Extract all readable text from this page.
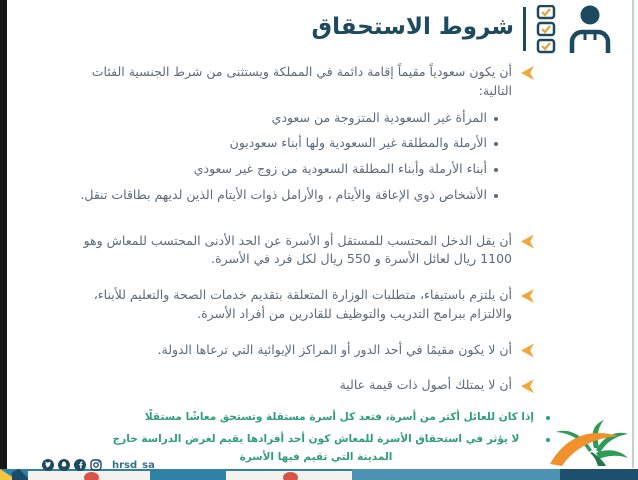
شروط الاستحقاق
أن يكون سعودياً مقيماً إقامة دائمة في المملكة ويستثنى من شرط الجنسية الفئات التالية:
المرأة غير السعودية المتزوجة من سعودي
الأرملة والمطلقة غير السعودية ولها أبناء سعوديون
أبناء الأرملة وأبناء المطلقة السعودية من زوج غير سعودي
الأشخاص ذوي الإعاقة والأيتام ، والأرامل ذوات الأيتام الذين لديهم بطاقات تنقل.
أن يقل الدخل المحتسب للمستقل أو الأسرة عن الحد الأدنى المحتسب للمعاش وهو 1100 ريال لعائل الأسرة و 550 ريال لكل فرد في الأسرة.
أن يلتزم باستيفاء، متطلبات الوزارة المتعلقة بتقديم خدمات الصحة والتعليم للأبناء، والالتزام ببرامج التدريب والتوظيف للقادرين من أفراد الأسرة.
أن لا يكون مقيمًا في أحد الدور أو المراكز الإيوائية التي ترعاها الدولة.
أن لا يمتلك أصول ذات قيمة عالية
إذا كان للعائل أكثر من أسرة، فتعد كل أسرة مستقلة وتستحق معاشًا مستقلًا
لا يؤثر في استحقاق الأسرة للمعاش كون أحد أفرادها يقيم لغرض الدراسة خارج المدينة التي تقيم فيها الأسرة
hrsd_sa
